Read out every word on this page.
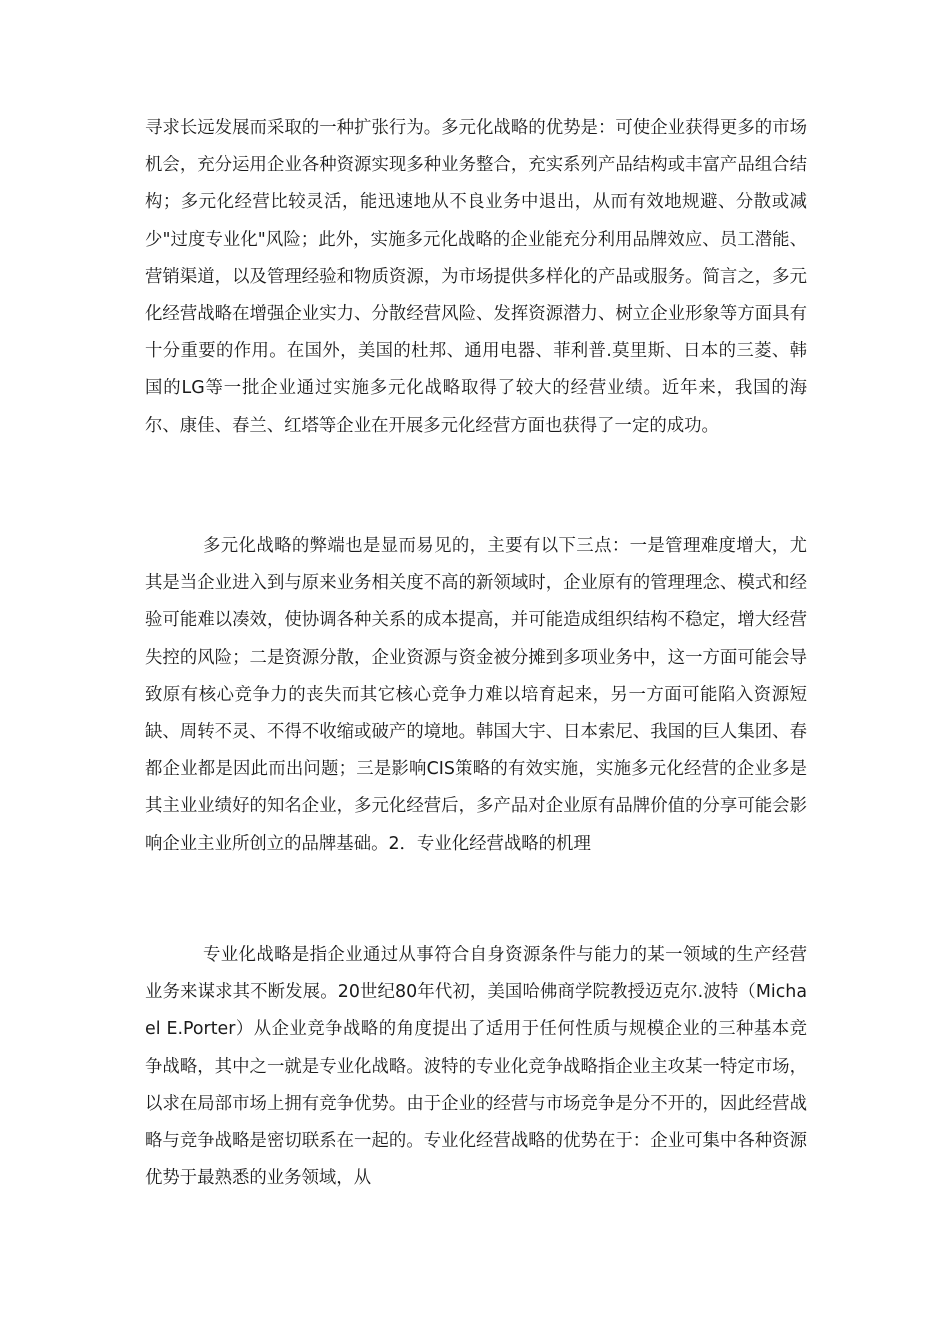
寻求长远发展而采取的一种扩张行为。多元化战略的优势是：可使企业获得更多的市场机会，充分运用企业各种资源实现多种业务整合，充实系列产品结构或丰富产品组合结构；多元化经营比较灵活，能迅速地从不良业务中退出，从而有效地规避、分散或减少"过度专业化"风险；此外，实施多元化战略的企业能充分利用品牌效应、员工潜能、营销渠道，以及管理经验和物质资源，为市场提供多样化的产品或服务。简言之，多元化经营战略在增强企业实力、分散经营风险、发挥资源潜力、树立企业形象等方面具有十分重要的作用。在国外，美国的杜邦、通用电器、菲利普.莫里斯、日本的三菱、韩国的LG等一批企业通过实施多元化战略取得了较大的经营业绩。近年来，我国的海尔、康佳、春兰、红塔等企业在开展多元化经营方面也获得了一定的成功。

多元化战略的弊端也是显而易见的，主要有以下三点：一是管理难度增大，尤其是当企业进入到与原来业务相关度不高的新领域时，企业原有的管理理念、模式和经验可能难以凑效，使协调各种关系的成本提高，并可能造成组织结构不稳定，增大经营失控的风险；二是资源分散，企业资源与资金被分摊到多项业务中，这一方面可能会导致原有核心竞争力的丧失而其它核心竞争力难以培育起来，另一方面可能陷入资源短缺、周转不灵、不得不收缩或破产的境地。韩国大宇、日本索尼、我国的巨人集团、春都企业都是因此而出问题；三是影响CIS策略的有效实施，实施多元化经营的企业多是其主业业绩好的知名企业，多元化经营后，多产品对企业原有品牌价值的分享可能会影响企业主业所创立的品牌基础。2．专业化经营战略的机理

专业化战略是指企业通过从事符合自身资源条件与能力的某一领域的生产经营业务来谋求其不断发展。20世纪80年代初，美国哈佛商学院教授迈克尔.波特（Michael E.Porter）从企业竞争战略的角度提出了适用于任何性质与规模企业的三种基本竞争战略，其中之一就是专业化战略。波特的专业化竞争战略指企业主攻某一特定市场，以求在局部市场上拥有竞争优势。由于企业的经营与市场竞争是分不开的，因此经营战略与竞争战略是密切联系在一起的。专业化经营战略的优势在于：企业可集中各种资源优势于最熟悉的业务领域，从
